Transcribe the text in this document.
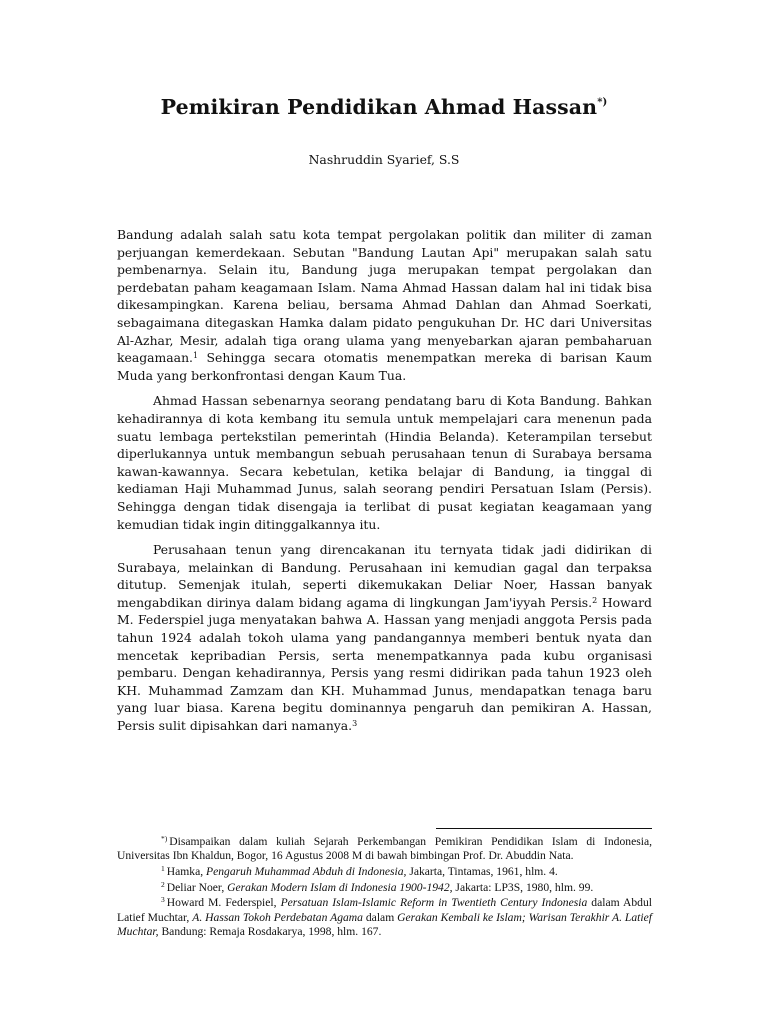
Pemikiran Pendidikan Ahmad Hassan*)
Nashruddin Syarief, S.S

Bandung adalah salah satu kota tempat pergolakan politik dan militer di zaman perjuangan kemerdekaan. Sebutan "Bandung Lautan Api" merupakan salah satu pembenarnya. Selain itu, Bandung juga merupakan tempat pergolakan dan perdebatan paham keagamaan Islam. Nama Ahmad Hassan dalam hal ini tidak bisa dikesampingkan. Karena beliau, bersama Ahmad Dahlan dan Ahmad Soerkati, sebagaimana ditegaskan Hamka dalam pidato pengukuhan Dr. HC dari Universitas Al-Azhar, Mesir, adalah tiga orang ulama yang menyebarkan ajaran pembaharuan keagamaan.$^1$ Sehingga secara otomatis menempatkan mereka di barisan Kaum Muda yang berkonfrontasi dengan Kaum Tua.

Ahmad Hassan sebenarnya seorang pendatang baru di Kota Bandung. Bahkan kehadirannya di kota kembang itu semula untuk mempelajari cara menenun pada suatu lembaga pertekstilan pemerintah (Hindia Belanda). Keterampilan tersebut diperlukannya untuk membangun sebuah perusahaan tenun di Surabaya bersama kawan-kawannya. Secara kebetulan, ketika belajar di Bandung, ia tinggal di kediaman Haji Muhammad Junus, salah seorang pendiri Persatuan Islam (Persis). Sehingga dengan tidak disengaja ia terlibat di pusat kegiatan keagamaan yang kemudian tidak ingin ditinggalkannya itu.

Perusahaan tenun yang direncakanan itu ternyata tidak jadi didirikan di Surabaya, melainkan di Bandung. Perusahaan ini kemudian gagal dan terpaksa ditutup. Semenjak itulah, seperti dikemukakan Deliar Noer, Hassan banyak mengabdikan dirinya dalam bidang agama di lingkungan Jam'iyyah Persis.$^2$ Howard M. Federspiel juga menyatakan bahwa A. Hassan yang menjadi anggota Persis pada tahun 1924 adalah tokoh ulama yang pandangannya memberi bentuk nyata dan mencetak kepribadian Persis, serta menempatkannya pada kubu organisasi pembaru. Dengan kehadirannya, Persis yang resmi didirikan pada tahun 1923 oleh KH. Muhammad Zamzam dan KH. Muhammad Junus, mendapatkan tenaga baru yang luar biasa. Karena begitu dominannya pengaruh dan pemikiran A. Hassan, Persis sulit dipisahkan dari namanya.$^3$

*) Disampaikan dalam kuliah Sejarah Perkembangan Pemikiran Pendidikan Islam di Indonesia, Universitas Ibn Khaldun, Bogor, 16 Agustus 2008 M di bawah bimbingan Prof. Dr. Abuddin Nata.
$^1$ Hamka, Pengaruh Muhammad Abduh di Indonesia, Jakarta, Tintamas, 1961, hlm. 4.
$^2$ Deliar Noer, Gerakan Modern Islam di Indonesia 1900-1942, Jakarta: LP3S, 1980, hlm. 99.
$^3$ Howard M. Federspiel, Persatuan Islam-Islamic Reform in Twentieth Century Indonesia dalam Abdul Latief Muchtar, A. Hassan Tokoh Perdebatan Agama dalam Gerakan Kembali ke Islam; Warisan Terakhir A. Latief Muchtar, Bandung: Remaja Rosdakarya, 1998, hlm. 167.
